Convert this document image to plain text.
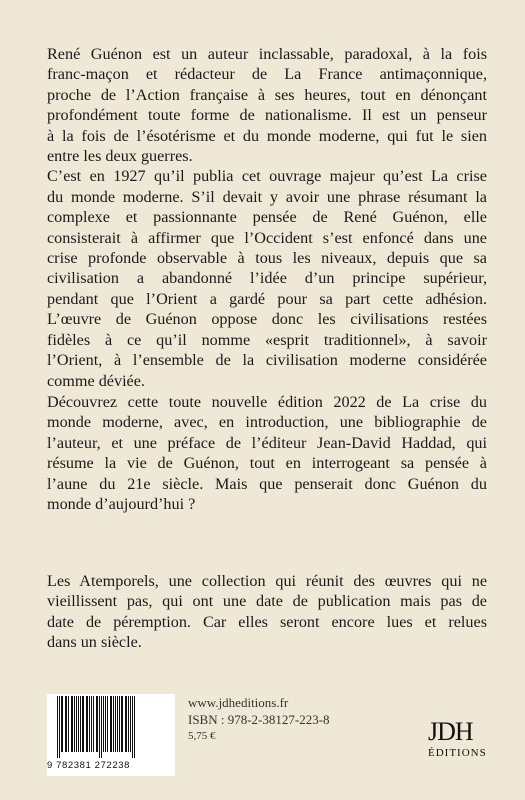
René Guénon est un auteur inclassable, paradoxal, à la fois
franc-maçon et rédacteur de La France antimaçonnique,
proche de l’Action française à ses heures, tout en dénonçant
profondément toute forme de nationalisme. Il est un penseur
à la fois de l’ésotérisme et du monde moderne, qui fut le sien
entre les deux guerres.
C’est en 1927 qu’il publia cet ouvrage majeur qu’est La crise
du monde moderne. S’il devait y avoir une phrase résumant la
complexe et passionnante pensée de René Guénon, elle
consisterait à affirmer que l’Occident s’est enfoncé dans une
crise profonde observable à tous les niveaux, depuis que sa
civilisation a abandonné l’idée d’un principe supérieur,
pendant que l’Orient a gardé pour sa part cette adhésion.
L’œuvre de Guénon oppose donc les civilisations restées
fidèles à ce qu’il nomme «esprit traditionnel», à savoir
l’Orient, à l’ensemble de la civilisation moderne considérée
comme déviée.
Découvrez cette toute nouvelle édition 2022 de La crise du
monde moderne, avec, en introduction, une bibliographie de
l’auteur, et une préface de l’éditeur Jean-David Haddad, qui
résume la vie de Guénon, tout en interrogeant sa pensée à
l’aune du 21e siècle. Mais que penserait donc Guénon du
monde d’aujourd’hui ?
Les Atemporels, une collection qui réunit des œuvres qui ne
vieillissent pas, qui ont une date de publication mais pas de
date de péremption. Car elles seront encore lues et relues
dans un siècle.
9 782381 272238
www.jdheditions.fr
ISBN : 978-2-38127-223-8
5,75 €	JDH
ÉDITIONS
